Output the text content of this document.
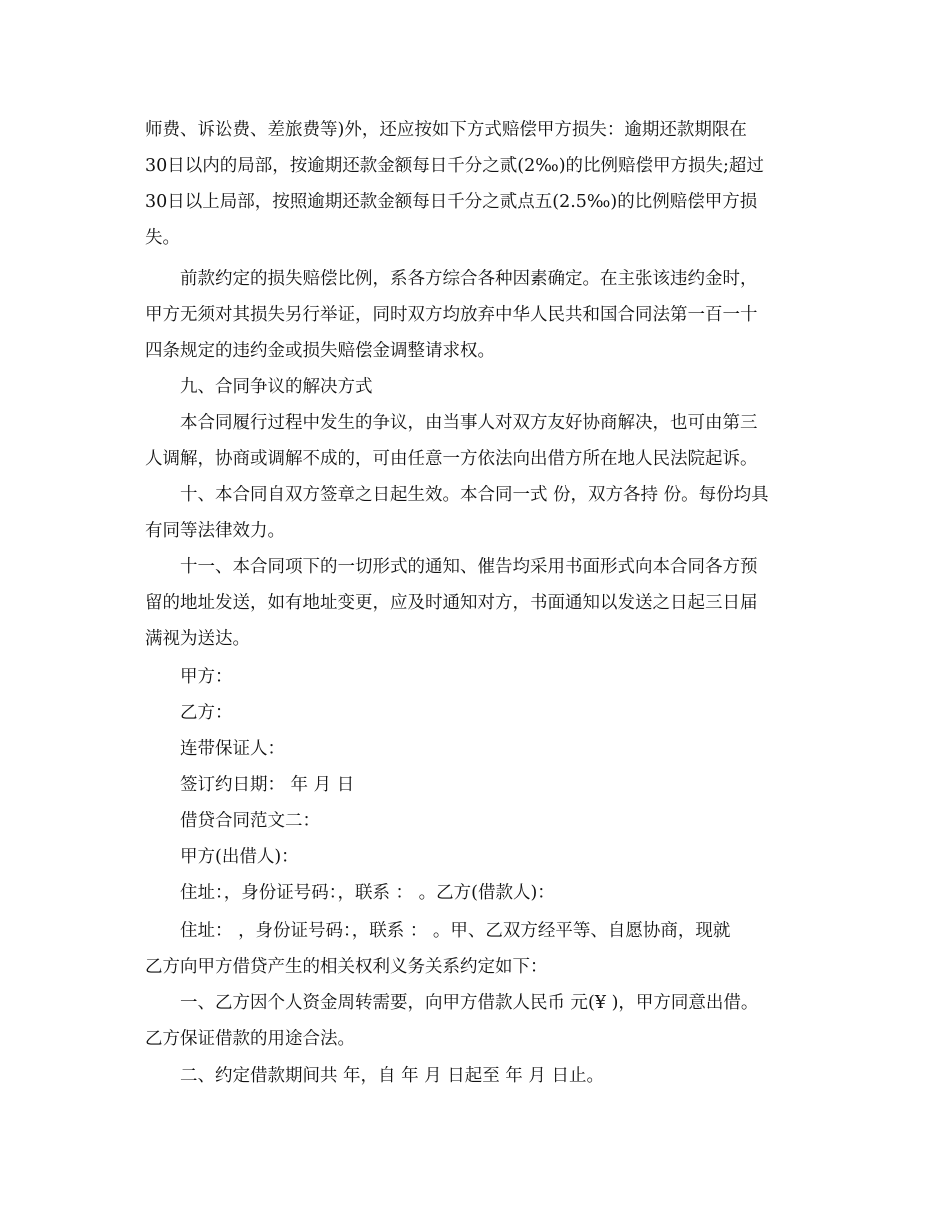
师费、诉讼费、差旅费等)外，还应按如下方式赔偿甲方损失：逾期还款期限在
30日以内的局部，按逾期还款金额每日千分之贰(2‰)的比例赔偿甲方损失;超过
30日以上局部，按照逾期还款金额每日千分之贰点五(2.5‰)的比例赔偿甲方损
失。

前款约定的损失赔偿比例，系各方综合各种因素确定。在主张该违约金时，
甲方无须对其损失另行举证，同时双方均放弃中华人民共和国合同法第一百一十
四条规定的违约金或损失赔偿金调整请求权。

九、合同争议的解决方式

本合同履行过程中发生的争议，由当事人对双方友好协商解决，也可由第三
人调解，协商或调解不成的，可由任意一方依法向出借方所在地人民法院起诉。

十、本合同自双方签章之日起生效。本合同一式 份，双方各持 份。每份均具
有同等法律效力。

十一、本合同项下的一切形式的通知、催告均采用书面形式向本合同各方预
留的地址发送，如有地址变更，应及时通知对方，书面通知以发送之日起三日届
满视为送达。

甲方：
乙方：
连带保证人：
签订约日期： 年 月 日
借贷合同范文二：
甲方(出借人)：
住址：，身份证号码：，联系 ： 。乙方(借款人)：

住址： ，身份证号码：，联系 ： 。甲、乙双方经平等、自愿协商，现就
乙方向甲方借贷产生的相关权利义务关系约定如下：

一、乙方因个人资金周转需要，向甲方借款人民币 元(¥ )，甲方同意出借。
乙方保证借款的用途合法。

二、约定借款期间共 年，自 年 月 日起至 年 月 日止。
